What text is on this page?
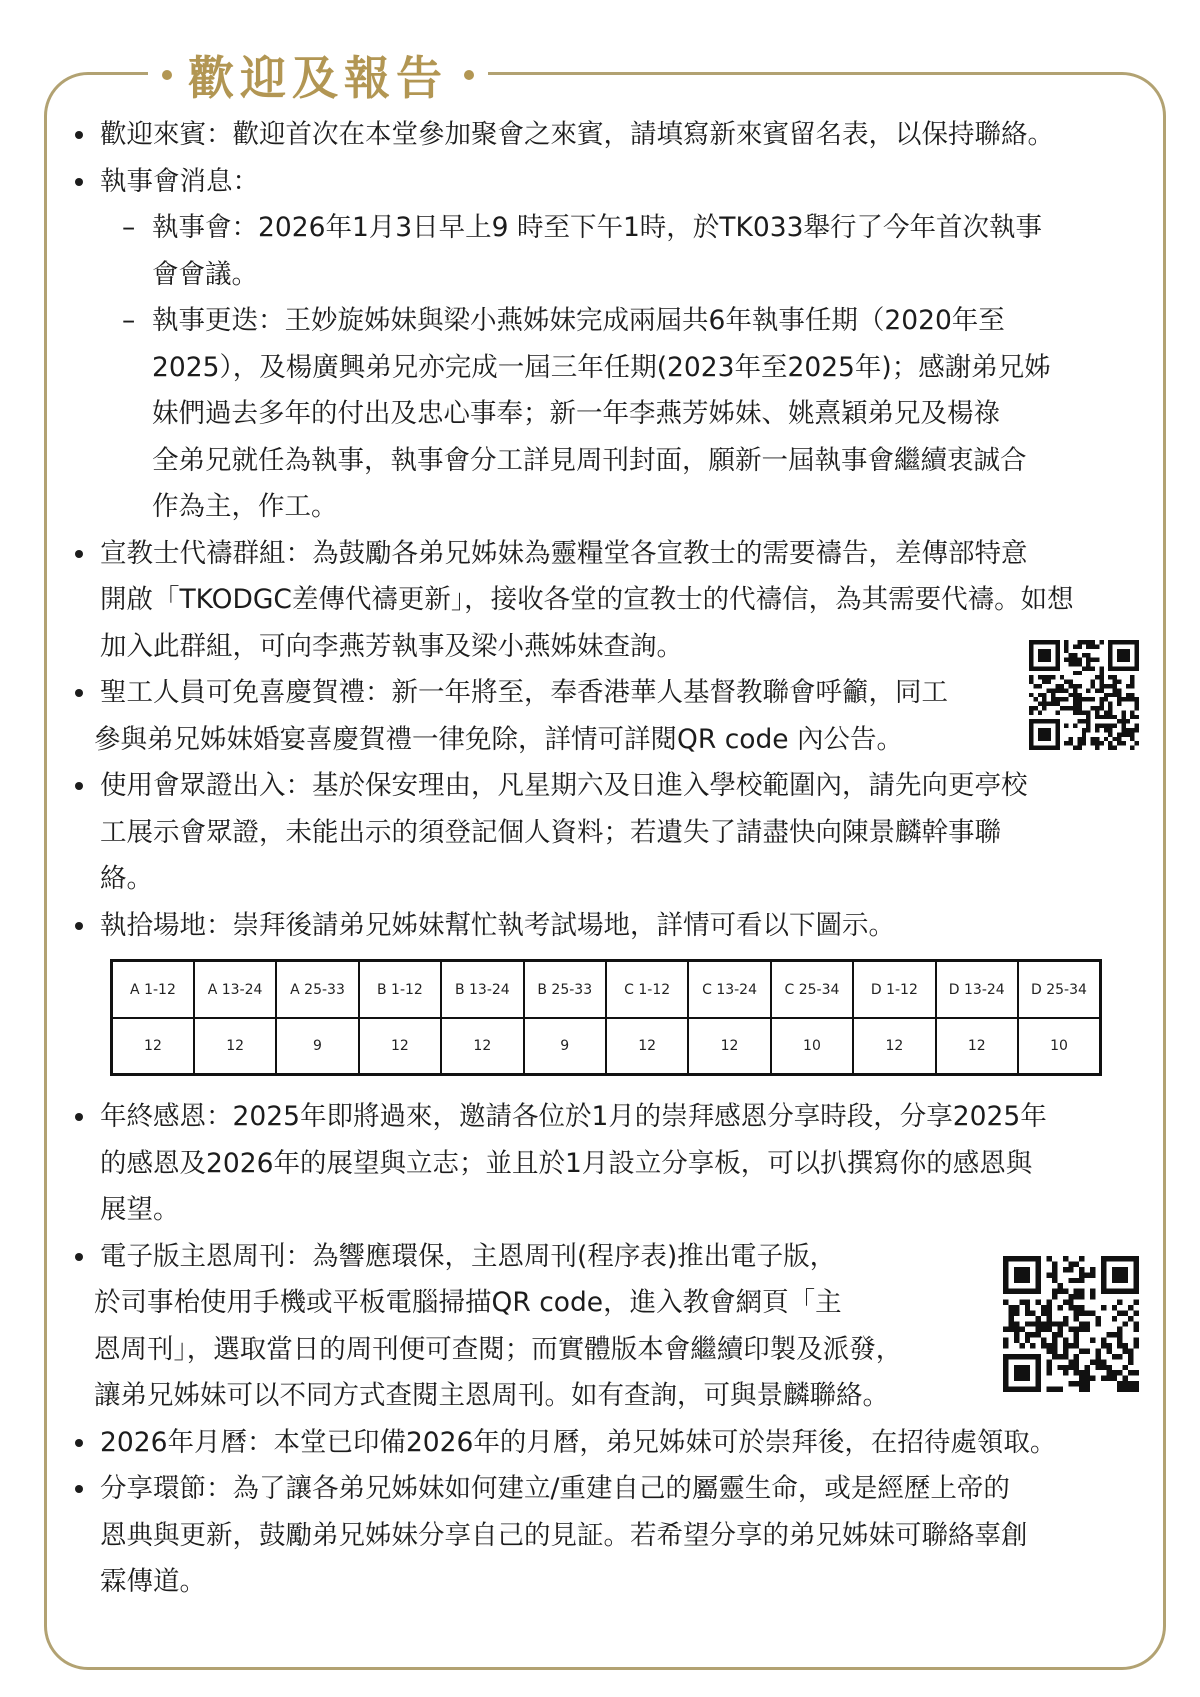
歡迎及報告
歡迎來賓：歡迎首次在本堂參加聚會之來賓，請填寫新來賓留名表，以保持聯絡。
執事會消息：
– 執事會：2026年1月3日早上9 時至下午1時，於TK033舉行了今年首次執事
會會議。
– 執事更迭：王妙旋姊妹與梁小燕姊妹完成兩屆共6年執事任期（2020年至
2025），及楊廣興弟兄亦完成一屆三年任期(2023年至2025年)；感謝弟兄姊
妹們過去多年的付出及忠心事奉；新一年李燕芳姊妹、姚熹穎弟兄及楊祿
全弟兄就任為執事，執事會分工詳見周刊封面，願新一屆執事會繼續衷誠合
作為主，作工。
宣教士代禱群組：為鼓勵各弟兄姊妹為靈糧堂各宣教士的需要禱告，差傳部特意
開啟「TKODGC差傳代禱更新」，接收各堂的宣教士的代禱信，為其需要代禱。如想
加入此群組，可向李燕芳執事及梁小燕姊妹查詢。
聖工人員可免喜慶賀禮：新一年將至，奉香港華人基督教聯會呼籲，同工
參與弟兄姊妹婚宴喜慶賀禮一律免除，詳情可詳閱QR code 內公告。
使用會眾證出入：基於保安理由，凡星期六及日進入學校範圍內，請先向更亭校
工展示會眾證，未能出示的須登記個人資料；若遺失了請盡快向陳景麟幹事聯
絡。
執拾場地：崇拜後請弟兄姊妹幫忙執考試場地，詳情可看以下圖示。
A 1-12	A 13-24	A 25-33	B 1-12	B 13-24	B 25-33	C 1-12	C 13-24	C 25-34	D 1-12	D 13-24	D 25-34
12	12	9	12	12	9	12	12	10	12	12	10
年終感恩：2025年即將過來，邀請各位於1月的崇拜感恩分享時段，分享2025年
的感恩及2026年的展望與立志；並且於1月設立分享板，可以扒撰寫你的感恩與
展望。
電子版主恩周刊：為響應環保，主恩周刊(程序表)推出電子版，
於司事枱使用手機或平板電腦掃描QR code，進入教會網頁「主
恩周刊」，選取當日的周刊便可查閱；而實體版本會繼續印製及派發，
讓弟兄姊妹可以不同方式查閱主恩周刊。如有查詢，可與景麟聯絡。
2026年月曆：本堂已印備2026年的月曆，弟兄姊妹可於崇拜後，在招待處領取。
分享環節：為了讓各弟兄姊妹如何建立/重建自己的屬靈生命，或是經歷上帝的
恩典與更新，鼓勵弟兄姊妹分享自己的見証。若希望分享的弟兄姊妹可聯絡辜創
霖傳道。
